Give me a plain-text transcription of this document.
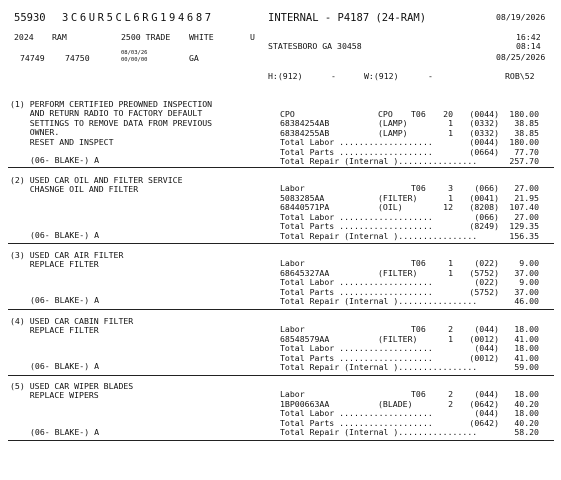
55930 3C6UR5CL6RG194687	INTERNAL - P4187 (24-RAM)	08/19/2026
2024 RAM	2500 TRADE WHITE	U	16:42
08:14
STATESBORO GA 30458
74749 74750	08/03/26
00/00/00	GA	08/25/2026
H:(912)	-	W:(912)	-	ROB\52
(1) PERFORM CERTIFIED PREOWNED INSPECTION
AND RETURN RADIO TO FACTORY DEFAULT
SETTINGS TO REMOVE DATA FROM PREVIOUS
OWNER.
RESET AND INSPECT
(06- BLAKE-) A
CPO	CPO T06 20 (0044) 180.00
68384254AB	(LAMP)	1 (0332) 38.85
68384255AB	(LAMP)	1 (0332) 38.85
Total Labor ...................	(0044) 180.00
Total Parts ...................	(0664) 77.70
Total Repair (Internal )................	257.70
(2) USED CAR OIL AND FILTER SERVICE
CHASNGE OIL AND FILTER
(06- BLAKE-) A
Labor	T06	3	(066) 27.00
5083285AA	(FILTER)	1 (0041) 21.95
68440571PA	(OIL)	12 (8208) 107.40
Total Labor ...................	(066) 27.00
Total Parts ...................	(8249) 129.35
Total Repair (Internal )................	156.35
(3) USED CAR AIR FILTER
REPLACE FILTER
(06- BLAKE-) A
Labor	T06	1	(022) 9.00
68645327AA	(FILTER)	1 (5752) 37.00
Total Labor ...................	(022) 9.00
Total Parts ...................	(5752) 37.00
Total Repair (Internal )................	46.00
(4) USED CAR CABIN FILTER
REPLACE FILTER
(06- BLAKE-) A
Labor	T06	2	(044) 18.00
68548579AA	(FILTER)	1 (0012) 41.00
Total Labor ...................	(044) 18.00
Total Parts ...................	(0012) 41.00
Total Repair (Internal )................	59.00
(5) USED CAR WIPER BLADES
REPLACE WIPERS
(06- BLAKE-) A
Labor	T06	2	(044) 18.00
1BP00663AA	(BLADE)	2 (0642) 40.20
Total Labor ...................	(044) 18.00
Total Parts ...................	(0642) 40.20
Total Repair (Internal )................	58.20
